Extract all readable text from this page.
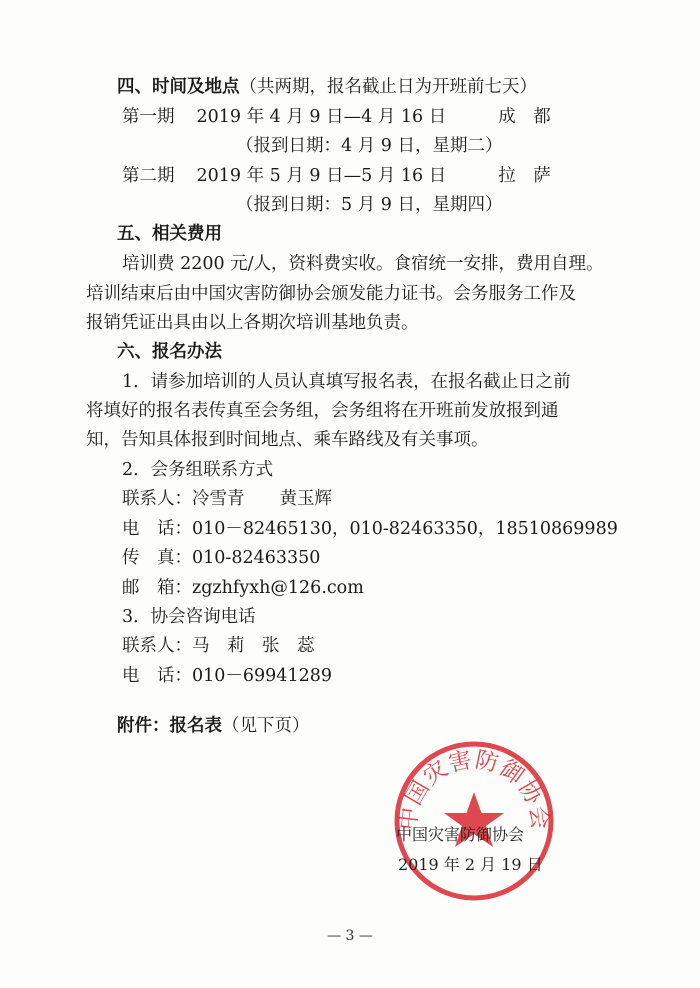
四、时间及地点（共两期，报名截止日为开班前七天）
第一期 2019 年 4 月 9 日—4 月 16 日	成　都
（报到日期：4 月 9 日，星期二）
第二期 2019 年 5 月 9 日—5 月 16 日	拉　萨
（报到日期：5 月 9 日，星期四）
五、相关费用
培训费 2200 元/人，资料费实收。食宿统一安排，费用自理。
培训结束后由中国灾害防御协会颁发能力证书。会务服务工作及
报销凭证出具由以上各期次培训基地负责。
六、报名办法
1．请参加培训的人员认真填写报名表，在报名截止日之前
将填好的报名表传真至会务组，会务组将在开班前发放报到通
知，告知具体报到时间地点、乘车路线及有关事项。
2．会务组联系方式
联系人：冷雪青　　黄玉辉
电　话：010－82465130，010-82463350，18510869989
传　真：010-82463350
邮　箱：zgzhfyxh@126.com
3．协会咨询电话
联系人：马　莉　张　蕊
电　话：010－69941289
附件：报名表（见下页）
中国灾害防御协会
中国灾害防御协会
2019 年 2 月 19 日
— 3 —
